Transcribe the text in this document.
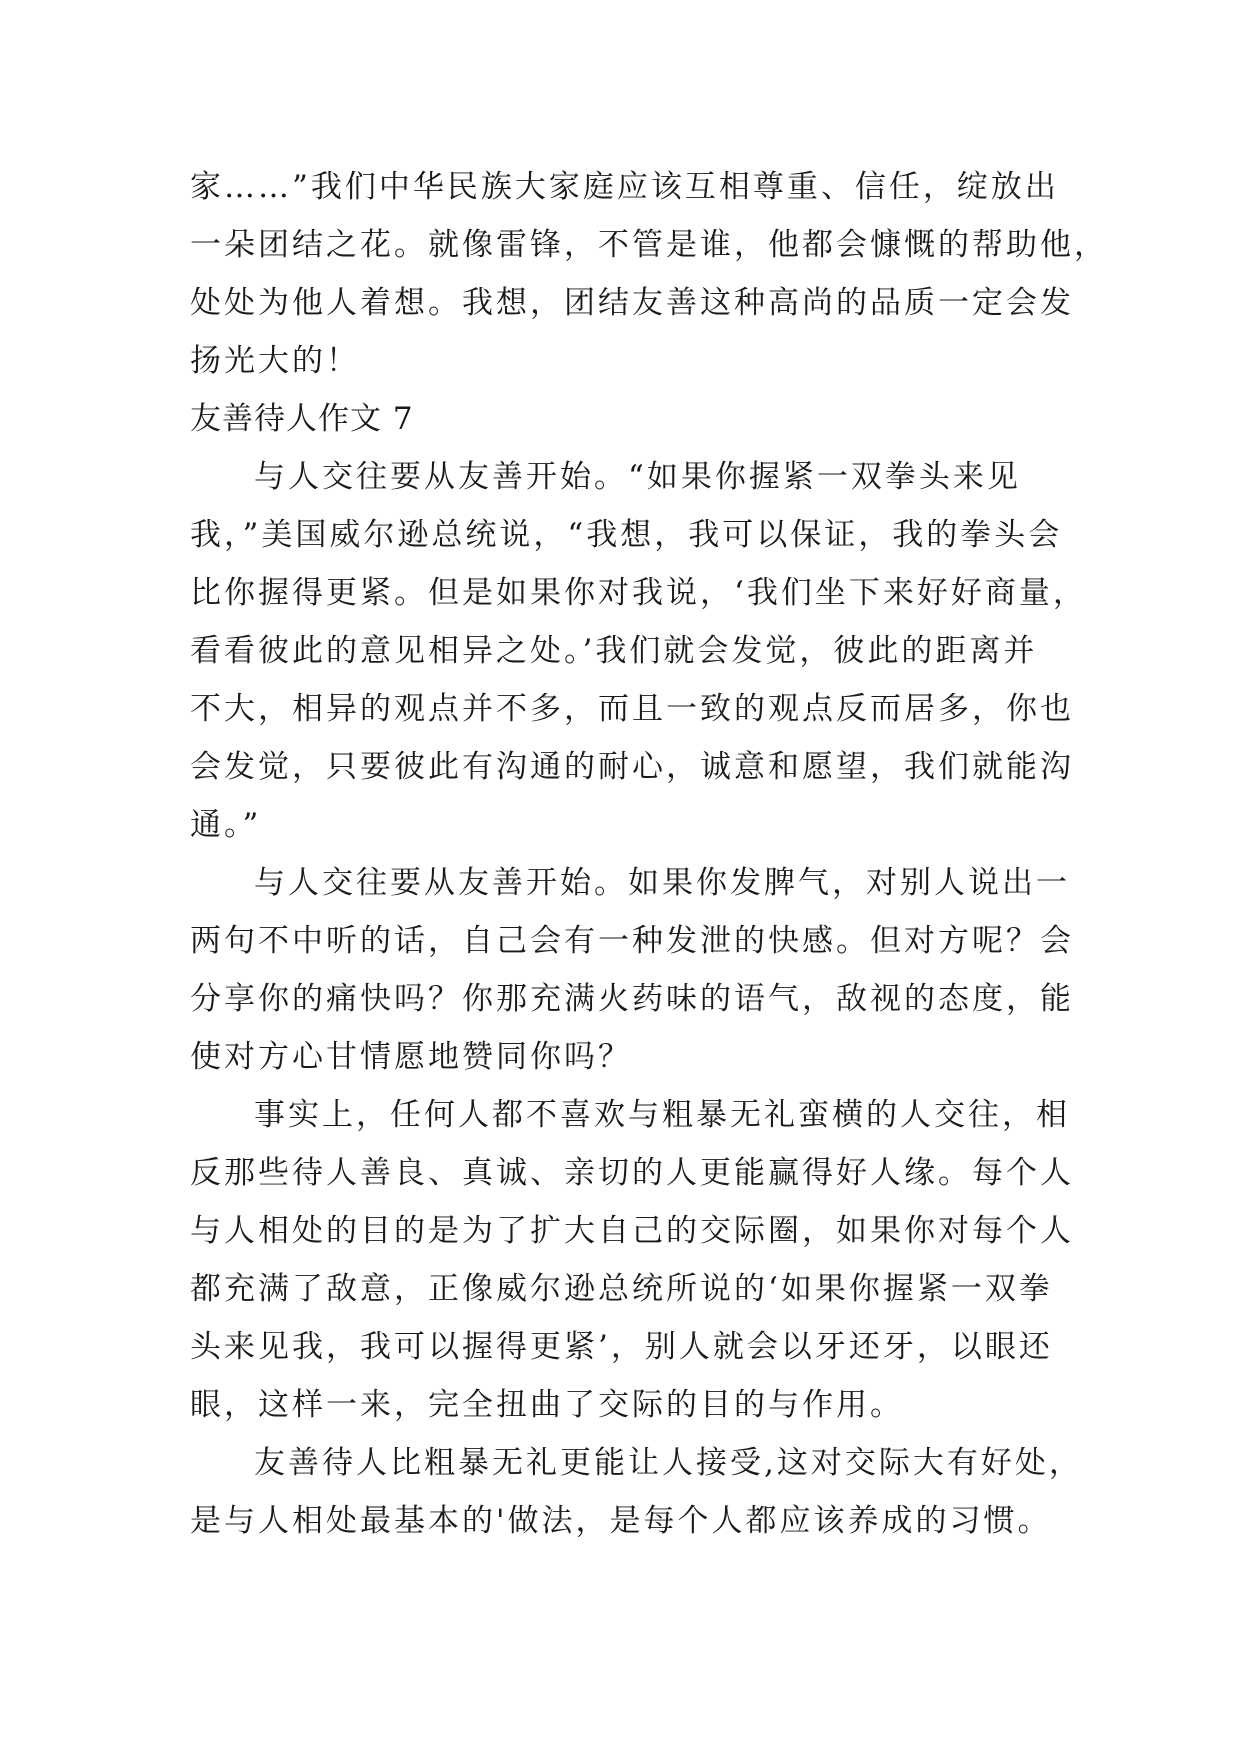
家……”我们中华民族大家庭应该互相尊重、信任，绽放出
一朵团结之花。就像雷锋，不管是谁，他都会慷慨的帮助他，
处处为他人着想。我想，团结友善这种高尚的品质一定会发
扬光大的！
友善待人作文 7
与人交往要从友善开始。“如果你握紧一双拳头来见
我，”美国威尔逊总统说，“我想，我可以保证，我的拳头会
比你握得更紧。但是如果你对我说，‘我们坐下来好好商量，
看看彼此的意见相异之处。’我们就会发觉，彼此的距离并
不大，相异的观点并不多，而且一致的观点反而居多，你也
会发觉，只要彼此有沟通的耐心，诚意和愿望，我们就能沟
通。”
与人交往要从友善开始。如果你发脾气，对别人说出一
两句不中听的话，自己会有一种发泄的快感。但对方呢？会
分享你的痛快吗？你那充满火药味的语气，敌视的态度，能
使对方心甘情愿地赞同你吗？
事实上，任何人都不喜欢与粗暴无礼蛮横的人交往，相
反那些待人善良、真诚、亲切的人更能赢得好人缘。每个人
与人相处的目的是为了扩大自己的交际圈，如果你对每个人
都充满了敌意，正像威尔逊总统所说的‘如果你握紧一双拳
头来见我，我可以握得更紧’，别人就会以牙还牙，以眼还
眼，这样一来，完全扭曲了交际的目的与作用。
友善待人比粗暴无礼更能让人接受,这对交际大有好处，
是与人相处最基本的'做法，是每个人都应该养成的习惯。
